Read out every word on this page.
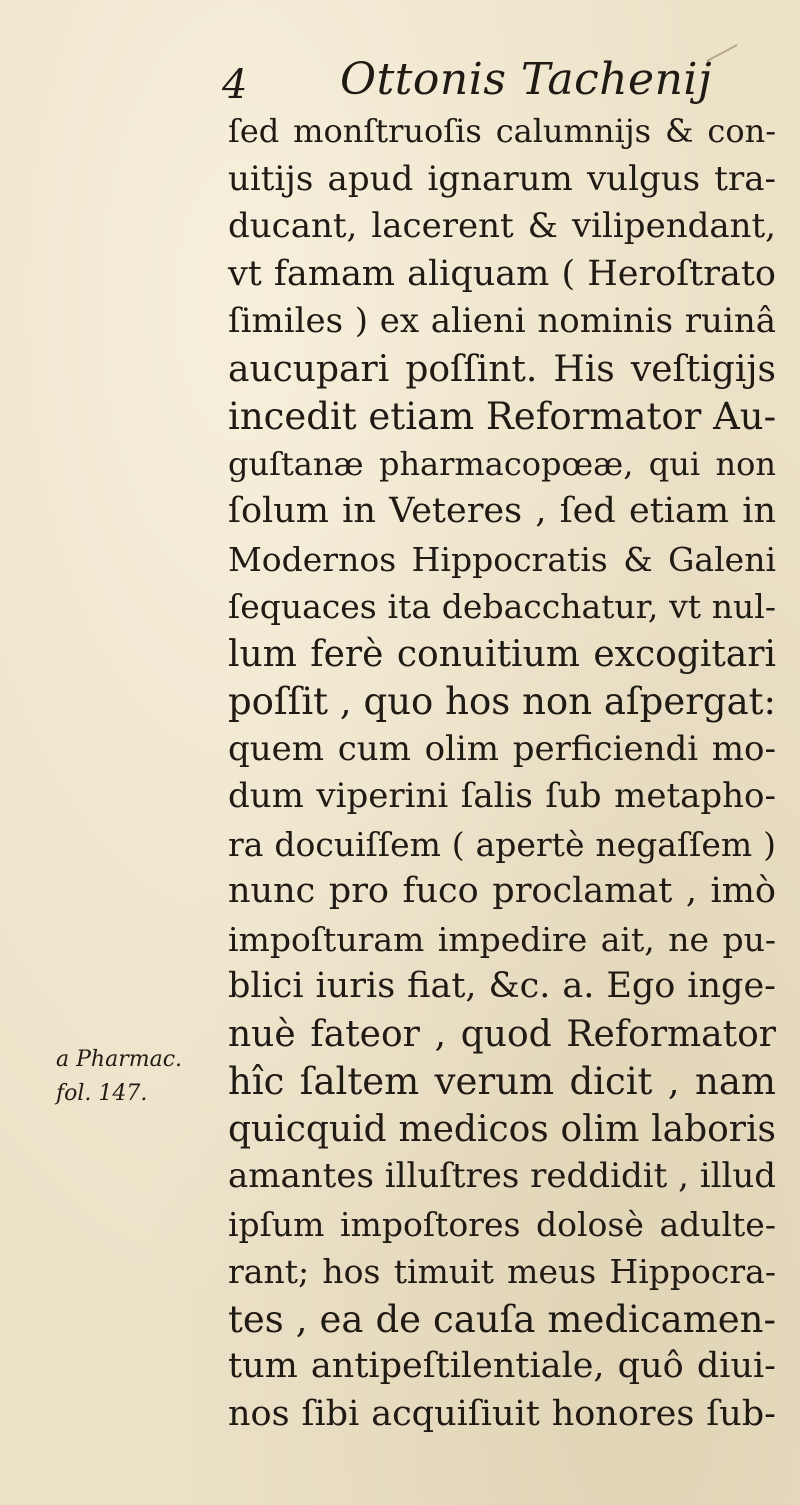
4 Ottonis Tachenij
ſed monſtruoſis calumnijs & con-
uitijs apud ignarum vulgus tra-
ducant, lacerent & vilipendant,
vt famam aliquam ( Heroſtrato
ſimiles ) ex alieni nominis ruinâ
aucupari poſſint. His veſtigijs
incedit etiam Reformator Au-
guſtanæ pharmacopœæ, qui non
ſolum in Veteres , ſed etiam in
Modernos Hippocratis & Galeni
ſequaces ita debacchatur, vt nul-
lum ferè conuitium excogitari
poſſit , quo hos non aſpergat:
quem cum olim perficiendi mo-
dum viperini ſalis ſub metapho-
ra docuiſſem ( apertè negaſſem )
nunc pro fuco proclamat , imò
impoſturam impedire ait, ne pu-
blici iuris fiat, &c. a. Ego inge-
nuè fateor , quod Reformator
hîc ſaltem verum dicit , nam
quicquid medicos olim laboris
amantes illuſtres reddidit , illud
ipſum impoſtores dolosè adulte-
rant; hos timuit meus Hippocra-
tes , ea de cauſa medicamen-
tum antipeſtilentiale, quô diui-
nos ſibi acquiſiuit honores ſub-
a Pharmac.
fol. 147.
